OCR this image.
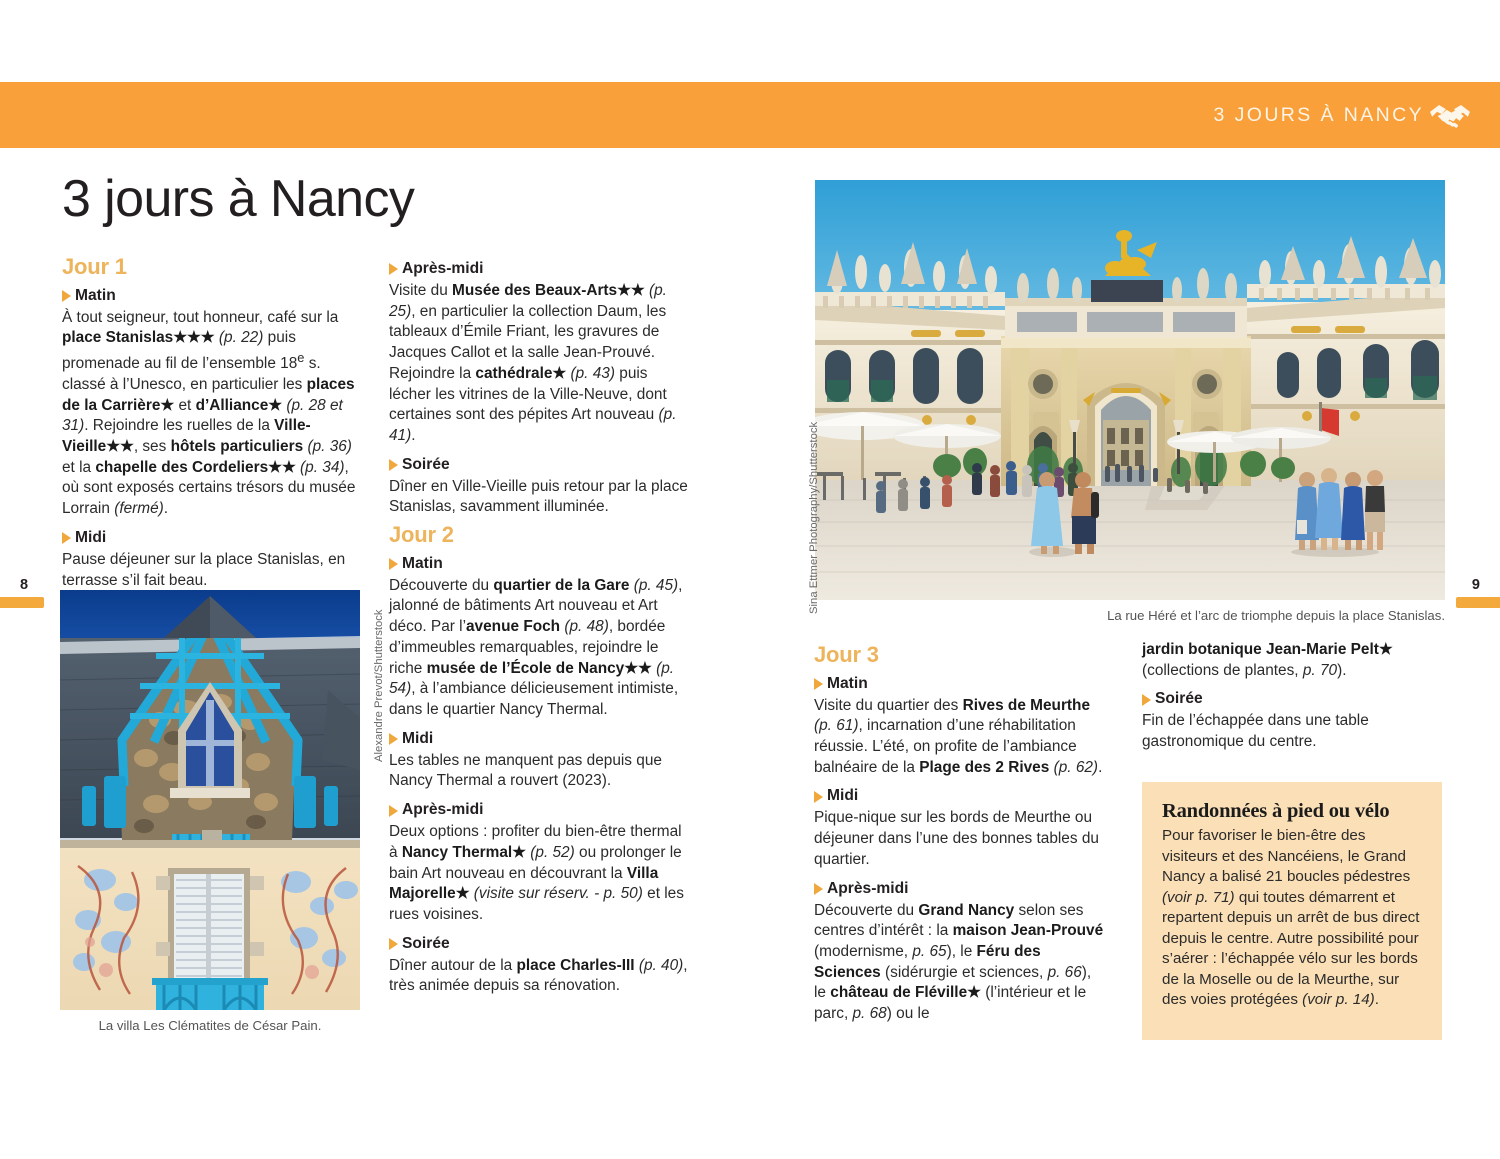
3 JOURS À NANCY
8	9
3 jours à Nancy
Jour 1
Matin

À tout seigneur, tout honneur, café sur la place Stanislas★★★ (p. 22) puis promenade au fil de l’ensemble 18e s. classé à l’Unesco, en particulier les places de la Carrière★ et d’Alliance★ (p. 28 et 31). Rejoindre les ruelles de la Ville-Vieille★★, ses hôtels particuliers (p. 36) et la chapelle des Cordeliers★★ (p. 34), où sont exposés certains trésors du musée Lorrain (fermé).

Midi

Pause déjeuner sur la place Stanislas, en terrasse s’il fait beau.

Après-midi

Visite du Musée des Beaux-Arts★★ (p. 25), en particulier la collection Daum, les tableaux d’Émile Friant, les gravures de Jacques Callot et la salle Jean-Prouvé. Rejoindre la cathédrale★ (p. 43) puis lécher les vitrines de la Ville-Neuve, dont certaines sont des pépites Art nouveau (p. 41).

Soirée

Dîner en Ville-Vieille puis retour par la place Stanislas, savamment illuminée.

Jour 2
Matin

Découverte du quartier de la Gare (p. 45), jalonné de bâtiments Art nouveau et Art déco. Par l’avenue Foch (p. 48), bordée d’immeubles remarquables, rejoindre le riche musée de l’École de Nancy★★ (p. 54), à l’ambiance délicieusement intimiste, dans le quartier Nancy Thermal.

Midi

Les tables ne manquent pas depuis que Nancy Thermal a rouvert (2023).

Après-midi

Deux options : profiter du bien-être thermal à Nancy Thermal★ (p. 52) ou prolonger le bain Art nouveau en découvrant la Villa Majorelle★ (visite sur réserv. - p. 50) et les rues voisines.

Soirée

Dîner autour de la place Charles-III (p. 40), très animée depuis sa rénovation.

Jour 3
Matin

Visite du quartier des Rives de Meurthe (p. 61), incarnation d’une réhabilitation réussie. L’été, on profite de l’ambiance balnéaire de la Plage des 2 Rives (p. 62).

Midi

Pique-nique sur les bords de Meurthe ou déjeuner dans l’une des bonnes tables du quartier.

Après-midi

Découverte du Grand Nancy selon ses centres d’intérêt : la maison Jean-Prouvé (modernisme, p. 65), le Féru des Sciences (sidérurgie et sciences, p. 66), le château de Fléville★ (l’intérieur et le parc, p. 68) ou le

jardin botanique Jean-Marie Pelt★ (collections de plantes, p. 70).

Soirée

Fin de l’échappée dans une table gastronomique du centre.

Randonnées à pied ou vélo

Pour favoriser le bien-être des visiteurs et des Nancéiens, le Grand Nancy a balisé 21 boucles pédestres (voir p. 71) qui toutes démarrent et repartent depuis un arrêt de bus direct depuis le centre. Autre possibilité pour s’aérer : l’échappée vélo sur les bords de la Moselle ou de la Meurthe, sur des voies protégées (voir p. 14).

La villa Les Clématites de César Pain.
Alexandre Prevot/Shutterstock	La rue Héré et l’arc de triomphe depuis la place Stanislas.
Sina Ettmer Photography/Shutterstock
